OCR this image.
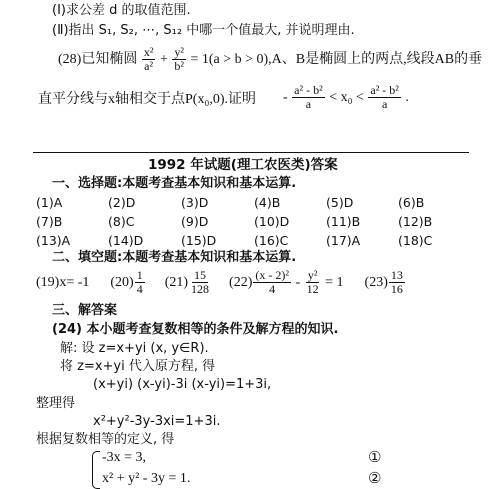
(Ⅰ)求公差 d 的取值范围.
(Ⅱ)指出 S₁, S₂, ⋯, S₁₂ 中哪一个值最大, 并说明理由.
(28)已知椭圆 $\frac{\text{x²}}{\text{a²}} + \frac{\text{y²}}{\text{b²}} = 1(a > b > 0),A$、B是椭圆上的两点,线段AB的垂
直平分线与x轴相交于点P(x₀,0).证明 - $\frac{\text{a² - b²}}{a} < x_0 < \frac{\text{a² - b²}}{a}$ .
1992 年试题(理工农医类)答案
一、选择题:本题考查基本知识和基本运算.
(1)A	(2)D	(3)D	(4)B	(5)D	(6)B
(7)B	(8)C	(9)D	(10)D	(11)B	(12)B
(13)A	(14)D	(15)D	(16)C	(17)A	(18)C
二、填空题:本题考查基本知识和基本运算.
(19)x= -1 $(20) \frac{1}{4} (21) \frac{15}{128} (22) \frac{\text{(x - 2)²}}{4} - \frac{\text{y²}}{12} = 1$ $(23) \frac{13}{16}$
三、解答案
(24) 本小题考查复数相等的条件及解方程的知识.
解: 设 z=x+yi (x, y∈R).
将 z=x+yi 代入原方程, 得
(x+yi) (x-yi)-3i (x-yi)=1+3i,
整理得
x²+y²-3y-3xi=1+3i.
根据复数相等的定义, 得
-3x = 3,
x² + y² - 3y = 1.
①
②
